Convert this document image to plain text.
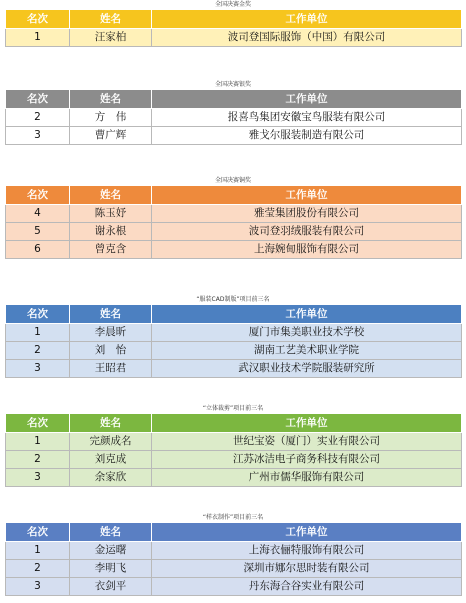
全国决赛金奖
名次	姓名	工作单位
1	汪家柏	波司登国际服饰（中国）有限公司
全国决赛银奖
名次	姓名	工作单位
2	方　伟	报喜鸟集团安徽宝鸟服装有限公司
3	曹广辉	雅戈尔服装制造有限公司
全国决赛铜奖
名次	姓名	工作单位
4	陈玉妤	雅莹集团股份有限公司
5	谢永根	波司登羽绒服装有限公司
6	曾克含	上海婉甸服饰有限公司
“服装CAD制版”项目前三名
名次	姓名	工作单位
1	李晨昕	厦门市集美职业技术学校
2	刘　怡	湖南工艺美术职业学院
3	王昭君	武汉职业技术学院服装研究所
“立体裁剪”项目前三名
名次	姓名	工作单位
1	完颜成名	世纪宝姿（厦门）实业有限公司
2	刘克成	江苏冰洁电子商务科技有限公司
3	余家欣	广州市儒华服饰有限公司
“样衣制作”项目前三名
名次	姓名	工作单位
1	金运曙	上海衣俪特服饰有限公司
2	李明飞	深圳市娜尔思时装有限公司
3	衣剑平	丹东海合谷实业有限公司
